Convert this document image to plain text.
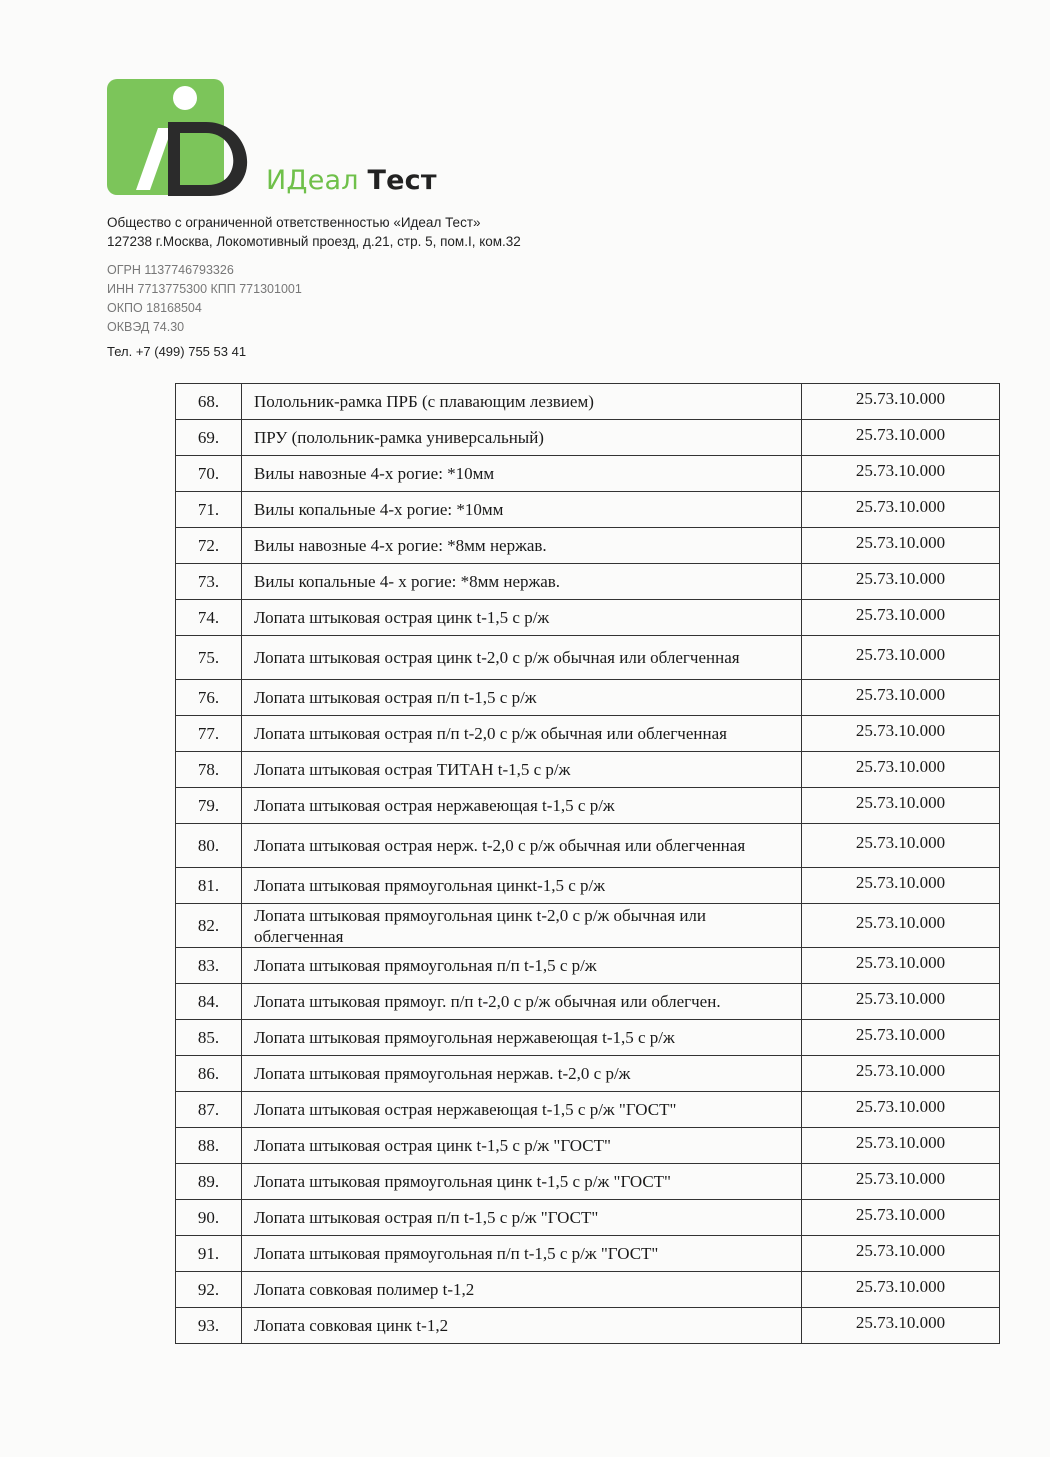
ИДеал Тест
Общество с ограниченной ответственностью «Идеал Тест»
127238 г.Москва, Локомотивный проезд, д.21, стр. 5, пом.I, ком.32
ОГРН 1137746793326
ИНН 7713775300 КПП 771301001
ОКПО 18168504
ОКВЭД 74.30
Тел. +7 (499) 755 53 41
68.	Полольник-рамка ПРБ (с плавающим лезвием)	25.73.10.000
69.	ПРУ (полольник-рамка универсальный)	25.73.10.000
70.	Вилы навозные 4-х рогие: *10мм	25.73.10.000
71.	Вилы копальные 4-х рогие: *10мм	25.73.10.000
72.	Вилы навозные 4-х рогие: *8мм нержав.	25.73.10.000
73.	Вилы копальные 4- х рогие: *8мм нержав.	25.73.10.000
74.	Лопата штыковая острая цинк t-1,5 с р/ж	25.73.10.000
75.	Лопата штыковая острая цинк t-2,0 с р/ж обычная или облегченная	25.73.10.000
76.	Лопата штыковая острая п/п t-1,5 с р/ж	25.73.10.000
77.	Лопата штыковая острая п/п t-2,0 с р/ж обычная или облегченная	25.73.10.000
78.	Лопата штыковая острая ТИТАН t-1,5 с р/ж	25.73.10.000
79.	Лопата штыковая острая нержавеющая t-1,5 с р/ж	25.73.10.000
80.	Лопата штыковая острая нерж. t-2,0 с р/ж обычная или облегченная	25.73.10.000
81.	Лопата штыковая прямоугольная цинкt-1,5 с р/ж	25.73.10.000
82.	Лопата штыковая прямоугольная цинк t-2,0 с р/ж обычная или облегченная	25.73.10.000
83.	Лопата штыковая прямоугольная п/п t-1,5 с р/ж	25.73.10.000
84.	Лопата штыковая прямоуг. п/п t-2,0 с р/ж обычная или облегчен.	25.73.10.000
85.	Лопата штыковая прямоугольная нержавеющая t-1,5 с р/ж	25.73.10.000
86.	Лопата штыковая прямоугольная нержав. t-2,0 с р/ж	25.73.10.000
87.	Лопата штыковая острая нержавеющая t-1,5 с р/ж "ГОСТ"	25.73.10.000
88.	Лопата штыковая острая цинк t-1,5 с р/ж "ГОСТ"	25.73.10.000
89.	Лопата штыковая прямоугольная цинк t-1,5 с р/ж "ГОСТ"	25.73.10.000
90.	Лопата штыковая острая п/п t-1,5 с р/ж "ГОСТ"	25.73.10.000
91.	Лопата штыковая прямоугольная п/п t-1,5 с р/ж "ГОСТ"	25.73.10.000
92.	Лопата совковая полимер t-1,2	25.73.10.000
93.	Лопата совковая цинк t-1,2	25.73.10.000
